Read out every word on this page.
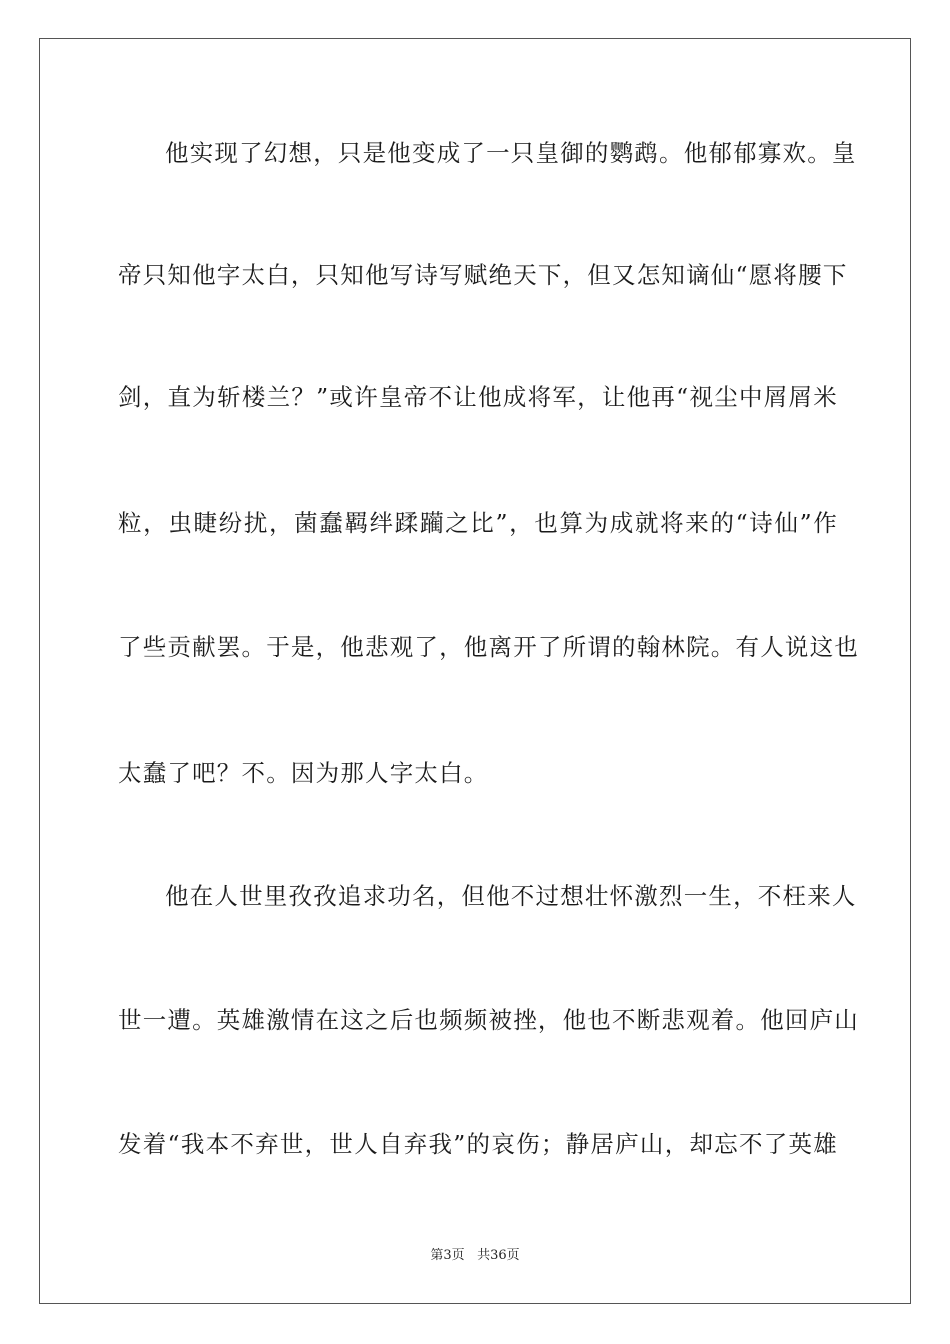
他实现了幻想，只是他变成了一只皇御的鹦鹉。他郁郁寡欢。皇
帝只知他字太白，只知他写诗写赋绝天下，但又怎知谪仙“愿将腰下
剑，直为斩楼兰？”或许皇帝不让他成将军，让他再“视尘中屑屑米
粒，虫睫纷扰，菌蠢羁绊蹂躏之比”，也算为成就将来的“诗仙”作
了些贡献罢。于是，他悲观了，他离开了所谓的翰林院。有人说这也
太蠢了吧？不。因为那人字太白。
他在人世里孜孜追求功名，但他不过想壮怀激烈一生，不枉来人
世一遭。英雄激情在这之后也频频被挫，他也不断悲观着。他回庐山
发着“我本不弃世，世人自弃我”的哀伤；静居庐山，却忘不了英雄
第3页 共36页
